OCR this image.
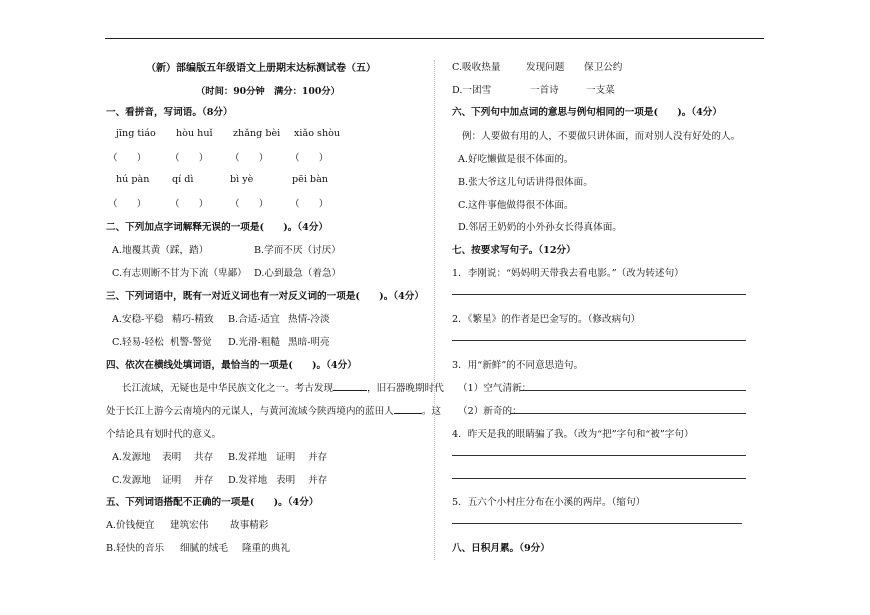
（新）部编版五年级语文上册期末达标测试卷（五）
（时间：90分钟　满分：100分）
一、看拼音，写词语。（8分）
jīng tiáo hòu huǐ zhǎng bèi xiǎo shòu
（　　） （　　） （　　） （　　）
hú pàn qí dì	bì yè	pēi bàn
（　　） （　　） （　　） （　　）
二、下列加点字词解释无误的一项是(　　)。（4分）
A.地覆其黄（踩，踏）	B.学而不厌（讨厌）
C.有志则断不甘为下流（卑鄙） D.心到最急（着急）
三、下列词语中，既有一对近义词也有一对反义词的一项是(　　)。（4分）
A.安稳-平稳 精巧-精致 B.合适-适宜 热情-冷淡
C.轻易-轻松 机警-警觉 D.光滑-粗糙 黑暗-明亮
四、依次在横线处填词语，最恰当的一项是(　　)。（4分）
长江流域，无疑也是中华民族文化之一。考古发现	，旧石器晚期时代
处于长江上游今云南境内的元谋人，与黄河流域今陕西境内的蓝田人	。这
个结论具有划时代的意义。
A.发源地 表明 共存 B.发祥地 证明 并存
C.发源地 证明 并存 D.发祥地 表明 并存
五、下列词语搭配不正确的一项是(　　)。（4分）
A.价钱便宜 建筑宏伟 故事精彩
B.轻快的音乐 细腻的绒毛 隆重的典礼
C.吸收热量	发现问题 保卫公约
D.一团雪	一首诗	一支菜
六、下列句中加点词的意思与例句相同的一项是(　　)。（4分）
例：人要做有用的人，不要做只讲体面，而对别人没有好处的人。
A.好吃懒做是很不体面的。
B.张大爷这儿句话讲得很体面。
C.这件事他做得很不体面。
D.邻居王奶奶的小外孙女长得真体面。
七、按要求写句子。（12分）
1．李刚说：“妈妈明天带我去看电影。”（改为转述句）
2．《繁星》的作者是巴金写的。（修改病句）
3．用“新鲜”的不同意思造句。
（1）空气清新：
（2）新奇的：
4．昨天是我的眼睛骗了我。（改为“把”字句和“被”字句）
5．五六个小村庄分布在小溪的两岸。（缩句）
八、日积月累。（9分）
